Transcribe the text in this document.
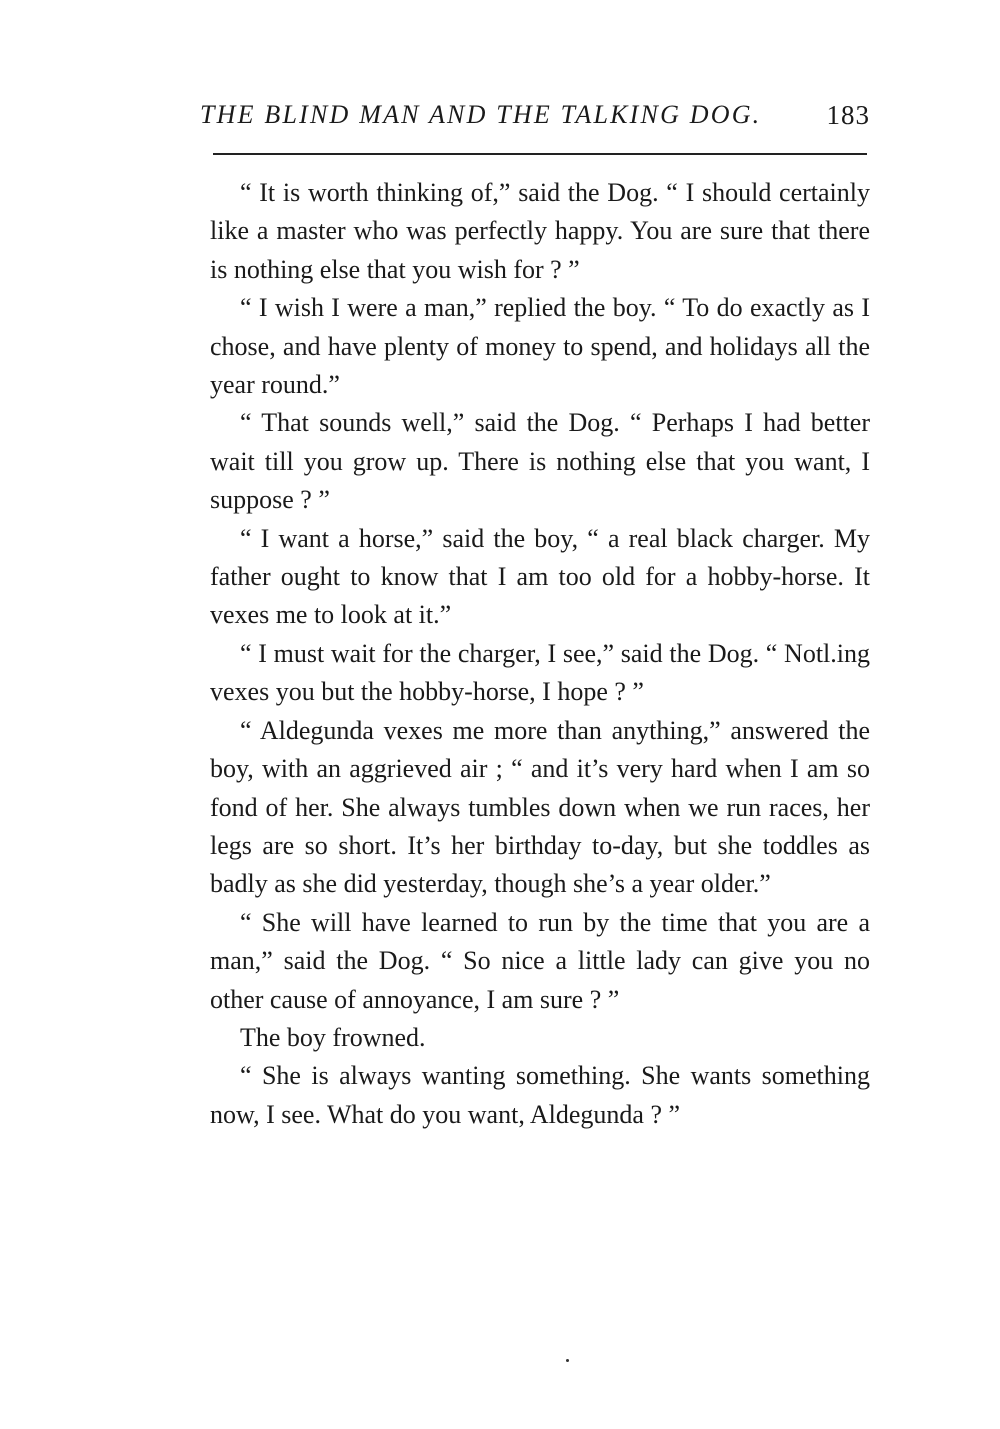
THE BLIND MAN AND THE TALKING DOG. 183

“ It is worth thinking of,” said the Dog. “ I should certainly like a master who was perfectly happy. You are sure that there is nothing else that you wish for ? ”

“ I wish I were a man,” replied the boy. “ To do exactly as I chose, and have plenty of money to spend, and holidays all the year round.”

“ That sounds well,” said the Dog. “ Perhaps I had better wait till you grow up. There is nothing else that you want, I suppose ? ”

“ I want a horse,” said the boy, “ a real black charger. My father ought to know that I am too old for a hobby-horse. It vexes me to look at it.”

“ I must wait for the charger, I see,” said the Dog. “ Notl.ing vexes you but the hobby-horse, I hope ? ”

“ Aldegunda vexes me more than anything,” answered the boy, with an aggrieved air ; “ and it’s very hard when I am so fond of her. She always tumbles down when we run races, her legs are so short. It’s her birthday to-day, but she toddles as badly as she did yesterday, though she’s a year older.”

“ She will have learned to run by the time that you are a man,” said the Dog. “ So nice a little lady can give you no other cause of annoyance, I am sure ? ”

The boy frowned.

“ She is always wanting something. She wants something now, I see. What do you want, Aldegunda ? ”
